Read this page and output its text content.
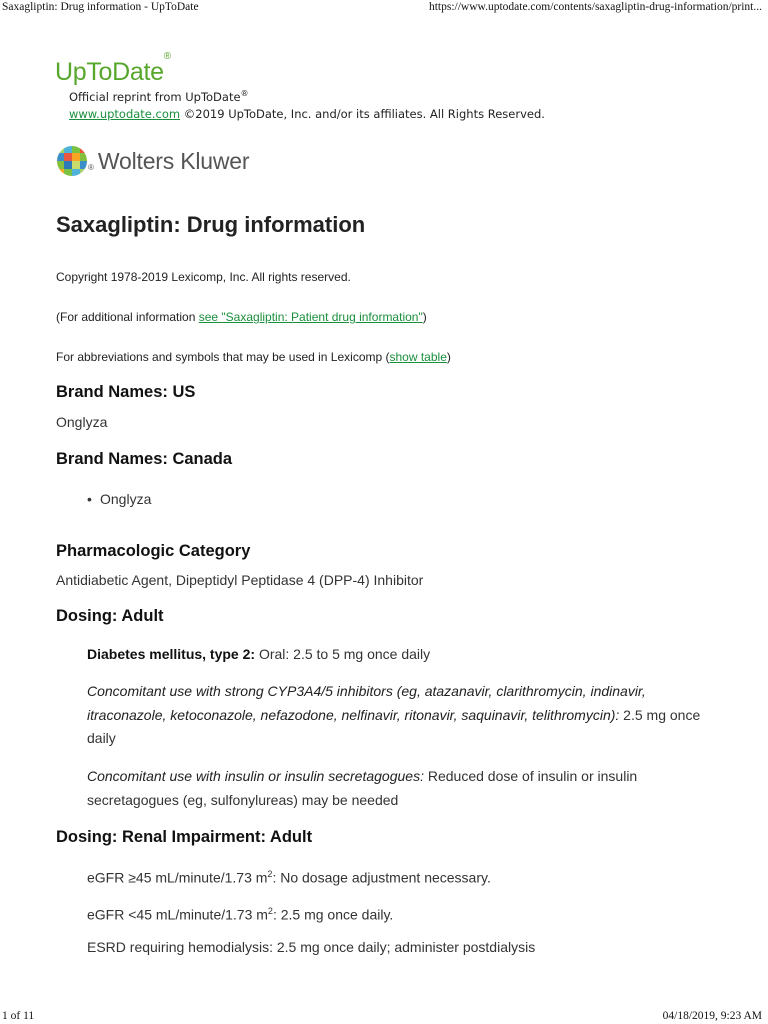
Saxagliptin: Drug information - UpToDate	https://www.uptodate.com/contents/saxagliptin-drug-information/print...
UpToDate®
Official reprint from UpToDate®
www.uptodate.com ©2019 UpToDate, Inc. and/or its affiliates. All Rights Reserved.
® Wolters Kluwer
Saxagliptin: Drug information
Copyright 1978-2019 Lexicomp, Inc. All rights reserved.
(For additional information see "Saxagliptin: Patient drug information")
For abbreviations and symbols that may be used in Lexicomp (show table)
Brand Names: US
Onglyza
Brand Names: Canada
• Onglyza
Pharmacologic Category
Antidiabetic Agent, Dipeptidyl Peptidase 4 (DPP-4) Inhibitor
Dosing: Adult
Diabetes mellitus, type 2: Oral: 2.5 to 5 mg once daily
Concomitant use with strong CYP3A4/5 inhibitors (eg, atazanavir, clarithromycin, indinavir, itraconazole, ketoconazole, nefazodone, nelfinavir, ritonavir, saquinavir, telithromycin): 2.5 mg once daily
Concomitant use with insulin or insulin secretagogues: Reduced dose of insulin or insulin secretagogues (eg, sulfonylureas) may be needed
Dosing: Renal Impairment: Adult
eGFR ≥45 mL/minute/1.73 $m^2$: No dosage adjustment necessary.
eGFR <45 mL/minute/1.73 $m^2$: 2.5 mg once daily.
ESRD requiring hemodialysis: 2.5 mg once daily; administer postdialysis
1 of 11	04/18/2019, 9:23 AM
